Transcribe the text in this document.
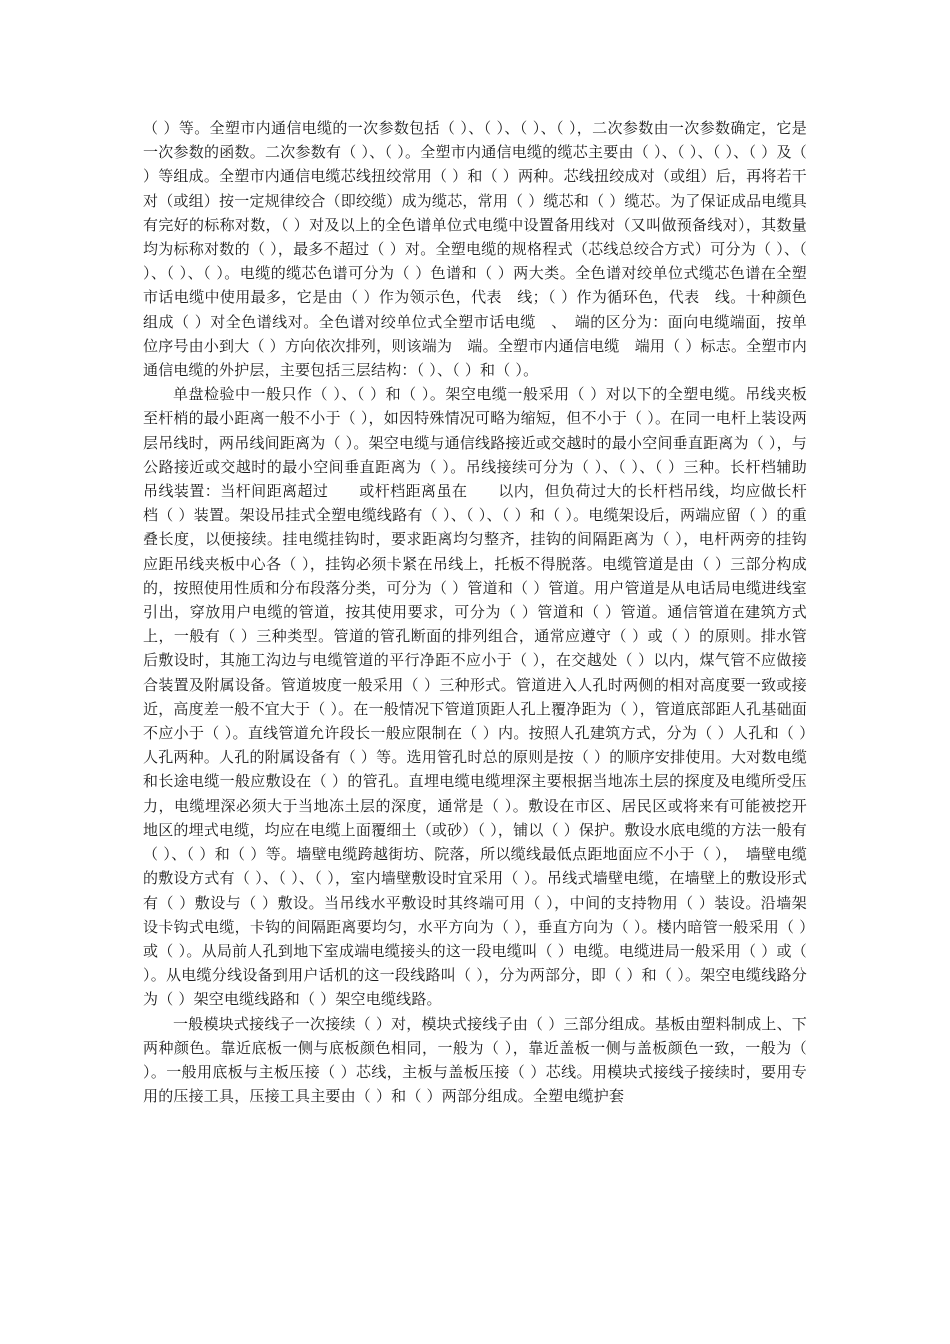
（ ）等。全塑市内通信电缆的一次参数包括（ ）、（ ）、（ ）、（ ），二次参数由一次参数确定，它是一次参数的函数。二次参数有（ ）、（ ）。全塑市内通信电缆的缆芯主要由（ ）、（ ）、（ ）、（ ）及（ ）等组成。全塑市内通信电缆芯线扭绞常用（ ）和（ ）两种。芯线扭绞成对（或组）后，再将若干对（或组）按一定规律绞合（即绞缆）成为缆芯，常用（ ）缆芯和（ ）缆芯。为了保证成品电缆具有完好的标称对数，（ ）对及以上的全色谱单位式电缆中设置备用线对（又叫做预备线对），其数量均为标称对数的（ ），最多不超过（ ）对。全塑电缆的规格程式（芯线总绞合方式）可分为（ ）、（ ）、（ ）、（ ）。电缆的缆芯色谱可分为（ ）色谱和（ ）两大类。全色谱对绞单位式缆芯色谱在全塑市话电缆中使用最多，它是由（ ）作为领示色，代表　线；（ ）作为循环色，代表　线。十种颜色组成（ ）对全色谱线对。全色谱对绞单位式全塑市话电缆　、　端的区分为：面向电缆端面，按单位序号由小到大（ ）方向依次排列，则该端为　端。全塑市内通信电缆　端用（ ）标志。全塑市内通信电缆的外护层，主要包括三层结构：（ ）、（ ）和（ ）。

单盘检验中一般只作（ ）、（ ）和（ ）。架空电缆一般采用（ ）对以下的全塑电缆。吊线夹板至杆梢的最小距离一般不小于（ ），如因特殊情况可略为缩短，但不小于（ ）。在同一电杆上装设两层吊线时，两吊线间距离为（ ）。架空电缆与通信线路接近或交越时的最小空间垂直距离为（ ），与公路接近或交越时的最小空间垂直距离为（ ）。吊线接续可分为（ ）、（ ）、（ ）三种。长杆档辅助吊线装置：当杆间距离超过　　或杆档距离虽在　　以内，但负荷过大的长杆档吊线，均应做长杆档（ ）装置。架设吊挂式全塑电缆线路有（ ）、（ ）、（ ）和（ ）。电缆架设后，两端应留（ ）的重叠长度，以便接续。挂电缆挂钩时，要求距离均匀整齐，挂钩的间隔距离为（ ），电杆两旁的挂钩应距吊线夹板中心各（ ），挂钩必须卡紧在吊线上，托板不得脱落。电缆管道是由（ ）三部分构成的，按照使用性质和分布段落分类，可分为（ ）管道和（ ）管道。用户管道是从电话局电缆进线室引出，穿放用户电缆的管道，按其使用要求，可分为（ ）管道和（ ）管道。通信管道在建筑方式上，一般有（ ）三种类型。管道的管孔断面的排列组合，通常应遵守（ ）或（ ）的原则。排水管后敷设时，其施工沟边与电缆管道的平行净距不应小于（ ），在交越处（ ）以内，煤气管不应做接合装置及附属设备。管道坡度一般采用（ ）三种形式。管道进入人孔时两侧的相对高度要一致或接近，高度差一般不宜大于（ ）。在一般情况下管道顶距人孔上覆净距为（ ），管道底部距人孔基础面不应小于（ ）。直线管道允许段长一般应限制在（ ）内。按照人孔建筑方式，分为（ ）人孔和（ ）人孔两种。人孔的附属设备有（ ）等。选用管孔时总的原则是按（ ）的顺序安排使用。大对数电缆和长途电缆一般应敷设在（ ）的管孔。直埋电缆电缆埋深主要根据当地冻土层的探度及电缆所受压力，电缆埋深必须大于当地冻土层的深度，通常是（ ）。敷设在市区、居民区或将来有可能被挖开地区的埋式电缆，均应在电缆上面覆细土（或砂）（ ），铺以（ ）保护。敷设水底电缆的方法一般有（ ）、（ ）和（ ）等。墙壁电缆跨越街坊、院落，所以缆线最低点距地面应不小于（ ），　墙壁电缆的敷设方式有（ ）、（ ）、（ ），室内墙壁敷设时宜采用（ ）。吊线式墙壁电缆，在墙壁上的敷设形式有（ ）敷设与（ ）敷设。当吊线水平敷设时其终端可用（ ），中间的支持物用（ ）装设。沿墙架设卡钩式电缆，卡钩的间隔距离要均匀，水平方向为（ ），垂直方向为（ ）。楼内暗管一般采用（ ）或（ ）。从局前人孔到地下室成端电缆接头的这一段电缆叫（ ）电缆。电缆进局一般采用（ ）或（ ）。从电缆分线设备到用户话机的这一段线路叫（ ），分为两部分，即（ ）和（ ）。架空电缆线路分为（ ）架空电缆线路和（ ）架空电缆线路。

一般模块式接线子一次接续（ ）对，模块式接线子由（ ）三部分组成。基板由塑料制成上、下两种颜色。靠近底板一侧与底板颜色相同，一般为（ ），靠近盖板一侧与盖板颜色一致，一般为（ ）。一般用底板与主板压接（ ）芯线，主板与盖板压接（ ）芯线。用模块式接线子接续时，要用专用的压接工具，压接工具主要由（ ）和（ ）两部分组成。全塑电缆护套
